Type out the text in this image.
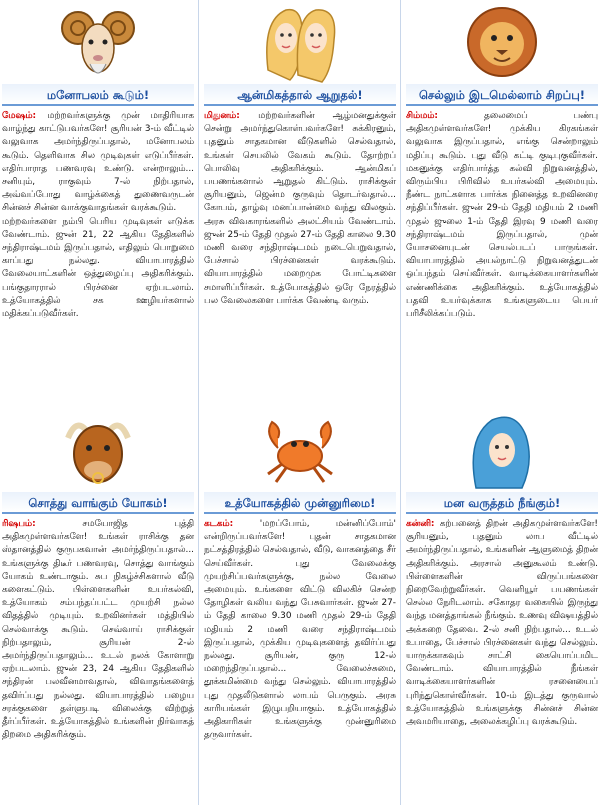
மனோபலம் கூடும்!

மேஷம்: மற்றவர்களுக்கு முன் மாதிரியாக வாழ்ந்து காட்டுபவர்களே! சூரியன் 3-ம் வீட்டில் வலுவாக அமர்ந்திருப்பதால், மனோபலம் கூடும். தெளிவாக சில முடிவுகள் எடுப்பீர்கள். எதிர்பாராத பணவரவு உண்டு. என்றாலும்... சனியும், ராகுவும் 7-ல் நிற்பதால், அவ்வப்போது வாழ்க்கைத் துணைவருடன் சின்னச் சின்ன வாக்குவாதங்கள் வரக்கூடும்.

மற்றவர்களை நம்பி பெரிய முடிவுகள் எடுக்க வேண்டாம். ஜுன் 21, 22 ஆகிய தேதிகளில் சந்திராஷ்டமம் இருப்பதால், எதிலும் பொறுமை காப்பது நல்லது. வியாபாரத்தில் வேலையாட்களின் ஒத்துழைப்பு அதிகரிக்கும். பங்குதாரரால் பிரச்னை ஏற்படலாம். உத்யோகத்தில் சக ஊழியர்களால் மதிக்கப்படுவீர்கள்.

ஆன்மிகத்தால் ஆறுதல்!

மிதுனம்: மற்றவர்களின் ஆழ்மனதுக்குள் சென்று அமர்ந்துகொள்பவர்களே! சுக்கிரனும், புதனும் சாதகமான வீடுகளில் செல்வதால், உங்கள் செயலில் வேகம் கூடும். தோற்றப் பொலிவு அதிகரிக்கும். ஆன்மிகப் பயணங்களால் ஆறுதல் கிட்டும். ராசிக்குள் சூரியனும், ஜென்ம குருவும் தொடர்வதால்... கோபம், தாழ்வு மனப்பான்மை வந்து விலகும். அரசு விவகாரங்களில் அலட்சியம் வேண்டாம். ஜுன் 25-ம் தேதி முதல் 27-ம் தேதி காலை 9.30 மணி வரை சந்திராஷ்டமம் நடைபெறுவதால், பேச்சால் பிரச்னைகள் வரக்கூடும். வியாபாரத்தில் மறைமுக போட்டிகளை சமாளிப்பீர்கள். உத்யோகத்தில் ஒரே நேரத்தில் பல வேலைகளை பார்க்க வேண்டி வரும்.

செல்லும் இடமெல்லாம் சிறப்பு!

சிம்மம்: தலைமைப் பண்பு அதிகமுள்ளவர்களே! முக்கிய கிரகங்கள் வலுவாக இருப்பதால், எங்கு சென்றாலும் மதிப்பு கூடும். புது வீடு கட்டி குடிபுகுவீர்கள். மகனுக்கு எதிர்பார்த்த கல்வி நிறுவனத்தில், விரும்பிய பிரிவில் உயர்கல்வி அமையும். நீண்ட நாட்களாக பார்க்க நினைத்த உறவினரை சந்திப்பீர்கள். ஜுன் 29-ம் தேதி மதியம் 2 மணி முதல் ஜுலை 1-ம் தேதி இரவு 9 மணி வரை சந்திராஷ்டமம் இருப்பதால், முன் யோசனையுடன் செயல்படப் பாருங்கள். வியாபாரத்தில் அயல்நாட்டு நிறுவனத்துடன் ஒப்பந்தம் செய்வீர்கள். வாடிக்கையாளர்களின் எண்ணிக்கை அதிகரிக்கும். உத்யோகத்தில் பதவி உயர்வுக்காக உங்களுடைய பெயர் பரிசீலிக்கப்படும்.

சொத்து வாங்கும் யோகம்!

ரிஷபம்: சமயோஜித புத்தி அதிகமுள்ளவர்களே! உங்கள் ராசிக்கு தன ஸ்தானத்தில் குருபகவான் அமர்ந்திருப்பதால்... உங்களுக்கு திடீர் பணவரவு, சொத்து வாங்கும் யோகம் உண்டாகும். சுப நிகழ்ச்சிகளால் வீடு களைகட்டும். பிள்ளைகளின் உயர்கல்வி, உத்யோகம் சம்பந்தப்பட்ட முயற்சி நல்ல விதத்தில் முடியும். உறவினர்கள் மத்தியில் செல்வாக்கு கூடும். செவ்வாய் ராசிக்குள் நிற்பதாலும், சூரியன் 2-ல் அமர்ந்திருப்பதாலும்... உடல் நலக் கோளாறு ஏற்படலாம். ஜுன் 23, 24 ஆகிய தேதிகளில் சந்திரன் பலவீனமாவதால், விவாதங்களைத் தவிர்ப்பது நல்லது. வியாபாரத்தில் பழைய சரக்குகளை தள்ளுபடி விலைக்கு விற்றுத் தீர்ப்பீர்கள். உத்யோகத்தில் உங்களின் நிர்வாகத் திறமை அதிகரிக்கும்.

உத்யோகத்தில் முன்னுரிமை!

கடகம்: 'மறப்போம், மன்னிப்போம்' என்றிருப்பவர்களே! புதன் சாதகமான நட்சத்திரத்தில் செல்வதால், வீடு, வாகனத்தை சீர் செய்வீர்கள். புது வேலைக்கு முயற்சிப்பவர்களுக்கு, நல்ல வேலை அமையும். உங்களை விட்டு விலகிச் சென்ற தோழிகள் வலிய வந்து பேசுவார்கள். ஜுன் 27-ம் தேதி காலை 9.30 மணி முதல் 29-ம் தேதி மதியம் 2 மணி வரை சந்திராஷ்டமம் இருப்பதால், முக்கிய முடிவுகளைத் தவிர்ப்பது நல்லது. சூரியன், குரு 12-ல் மறைந்திருப்பதால்... வேலைச்சுமை, தூக்கமின்மை வந்து செல்லும். வியாபாரத்தில் புது முதலீடுகளால் லாபம் பெருகும். அரசு காரியங்கள் இழுபறியாகும். உத்யோகத்தில் அதிகாரிகள் உங்களுக்கு முன்னுரிமை தருவார்கள்.

மன வருத்தம் நீங்கும்!

கன்னி: கற்பனைத் திறன் அதிகமுள்ளவர்களே! சூரியனும், புதனும் லாப வீட்டில் அமர்ந்திருப்பதால், உங்களின் ஆளுமைத் திறன் அதிகரிக்கும். அரசால் அனுகூலம் உண்டு. பிள்ளைகளின் விருப்பங்களை நிறைவேற்றுவீர்கள். வெளியூர் பயணங்கள் செல்ல நேரிடலாம். சகோதர வகையில் இருந்து வந்த மனத்தாங்கல் நீங்கும். உணவு விஷயத்தில் அக்கறை தேவை. 2-ல் சனி நிற்பதால்... உடல் உபாதை, பேச்சால் பிரச்னைகள் வந்து செல்லும். யாருக்காகவும் சாட்சி கையொப்பமிட வேண்டாம். வியாபாரத்தில் நீங்கள் வாடிக்கையாளர்களின் ரசனையைப் புரிந்துகொள்வீர்கள். 10-ம் இடத்து குருவால் உத்யோகத்தில் உங்களுக்கு சின்னச் சின்ன அவமரியாதை, அலைக்கழிப்பு வரக்கூடும்.
